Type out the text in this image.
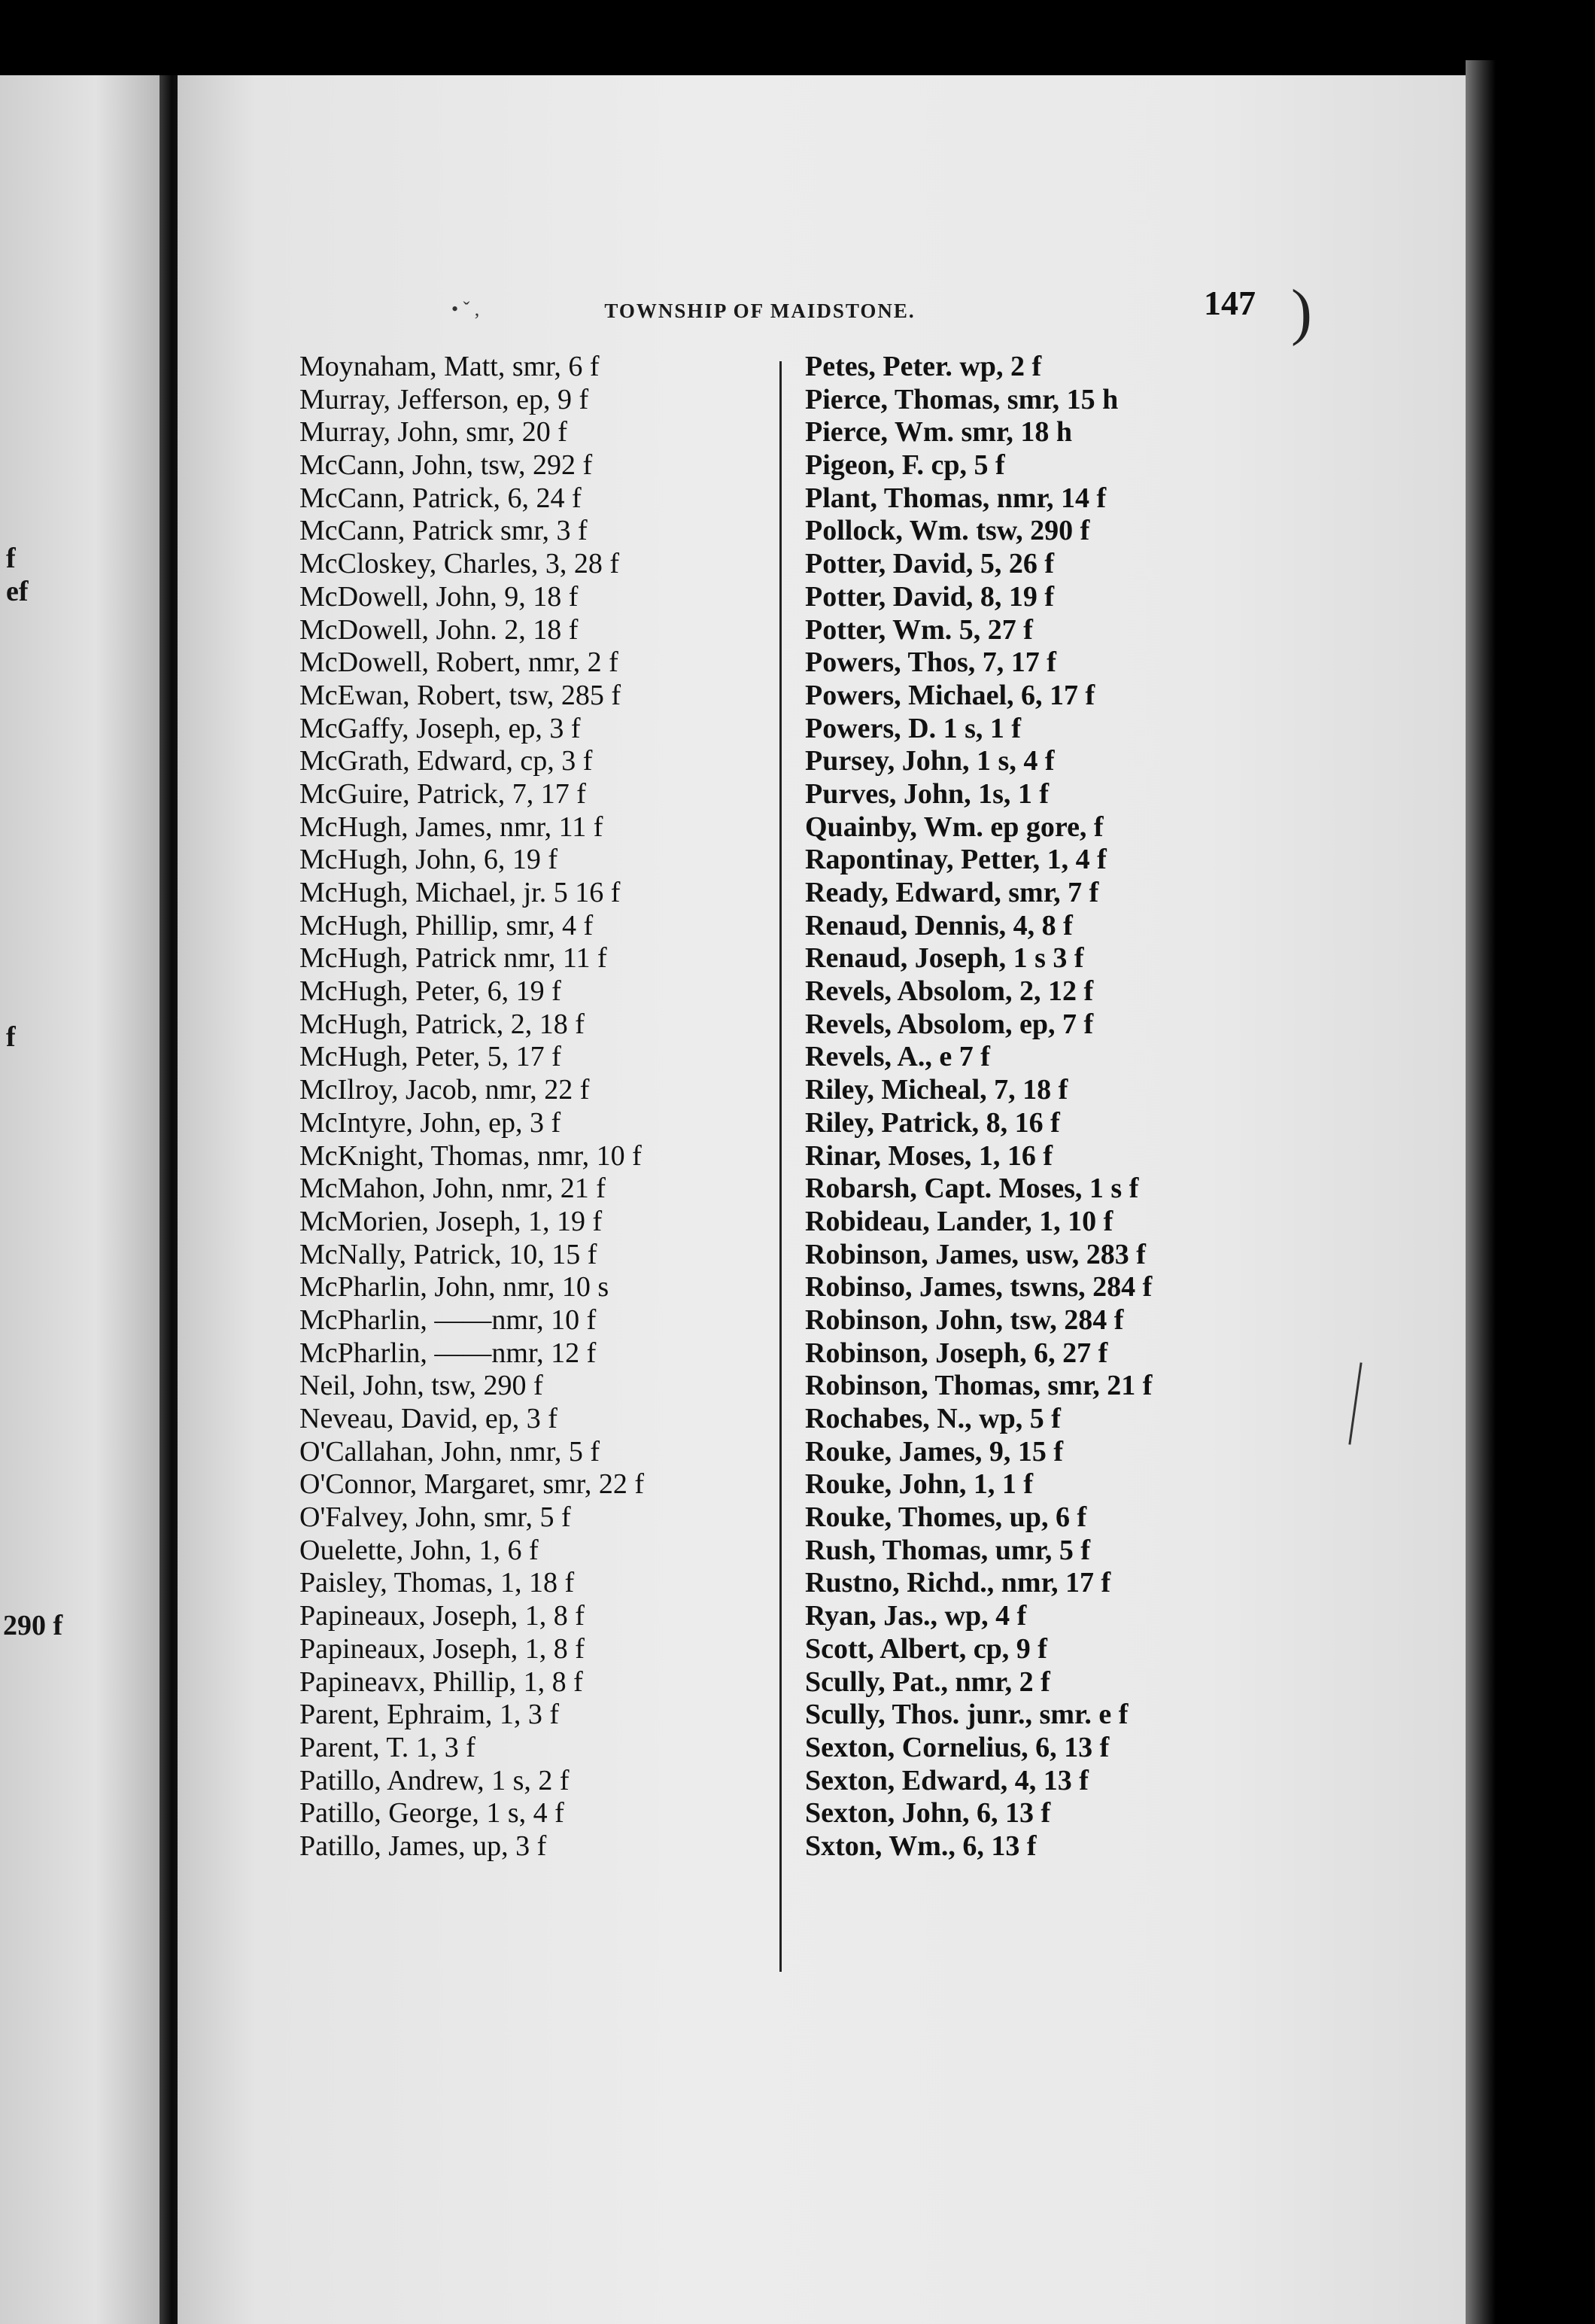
f
ef
f
290 f
• ˇ ,	TOWNSHIP OF MAIDSTONE.	147 )
Moynaham, Matt, smr, 6 f
Murray, Jefferson, ep, 9 f
Murray, John, smr, 20 f
McCann, John, tsw, 292 f
McCann, Patrick, 6, 24 f
McCann, Patrick smr, 3 f
McCloskey, Charles, 3, 28 f
McDowell, John, 9, 18 f
McDowell, John. 2, 18 f
McDowell, Robert, nmr, 2 f
McEwan, Robert, tsw, 285 f
McGaffy, Joseph, ep, 3 f
McGrath, Edward, cp, 3 f
McGuire, Patrick, 7, 17 f
McHugh, James, nmr, 11 f
McHugh, John, 6, 19 f
McHugh, Michael, jr. 5 16 f
McHugh, Phillip, smr, 4 f
McHugh, Patrick nmr, 11 f
McHugh, Peter, 6, 19 f
McHugh, Patrick, 2, 18 f
McHugh, Peter, 5, 17 f
McIlroy, Jacob, nmr, 22 f
McIntyre, John, ep, 3 f
McKnight, Thomas, nmr, 10 f
McMahon, John, nmr, 21 f
McMorien, Joseph, 1, 19 f
McNally, Patrick, 10, 15 f
McPharlin, John, nmr, 10 s
McPharlin, ——nmr, 10 f
McPharlin, ——nmr, 12 f
Neil, John, tsw, 290 f
Neveau, David, ep, 3 f
O'Callahan, John, nmr, 5 f
O'Connor, Margaret, smr, 22 f
O'Falvey, John, smr, 5 f
Ouelette, John, 1, 6 f
Paisley, Thomas, 1, 18 f
Papineaux, Joseph, 1, 8 f
Papineaux, Joseph, 1, 8 f
Papineavx, Phillip, 1, 8 f
Parent, Ephraim, 1, 3 f
Parent, T. 1, 3 f
Patillo, Andrew, 1 s, 2 f
Patillo, George, 1 s, 4 f
Patillo, James, up, 3 f
Petes, Peter. wp, 2 f
Pierce, Thomas, smr, 15 h
Pierce, Wm. smr, 18 h
Pigeon, F. cp, 5 f
Plant, Thomas, nmr, 14 f
Pollock, Wm. tsw, 290 f
Potter, David, 5, 26 f
Potter, David, 8, 19 f
Potter, Wm. 5, 27 f
Powers, Thos, 7, 17 f
Powers, Michael, 6, 17 f
Powers, D. 1 s, 1 f
Pursey, John, 1 s, 4 f
Purves, John, 1s, 1 f
Quainby, Wm. ep gore, f
Rapontinay, Petter, 1, 4 f
Ready, Edward, smr, 7 f
Renaud, Dennis, 4, 8 f
Renaud, Joseph, 1 s 3 f
Revels, Absolom, 2, 12 f
Revels, Absolom, ep, 7 f
Revels, A., e 7 f
Riley, Micheal, 7, 18 f
Riley, Patrick, 8, 16 f
Rinar, Moses, 1, 16 f
Robarsh, Capt. Moses, 1 s f
Robideau, Lander, 1, 10 f
Robinson, James, usw, 283 f
Robinso, James, tswns, 284 f
Robinson, John, tsw, 284 f
Robinson, Joseph, 6, 27 f
Robinson, Thomas, smr, 21 f
Rochabes, N., wp, 5 f
Rouke, James, 9, 15 f
Rouke, John, 1, 1 f
Rouke, Thomes, up, 6 f
Rush, Thomas, umr, 5 f
Rustno, Richd., nmr, 17 f
Ryan, Jas., wp, 4 f
Scott, Albert, cp, 9 f
Scully, Pat., nmr, 2 f
Scully, Thos. junr., smr. e f
Sexton, Cornelius, 6, 13 f
Sexton, Edward, 4, 13 f
Sexton, John, 6, 13 f
Sxton, Wm., 6, 13 f
